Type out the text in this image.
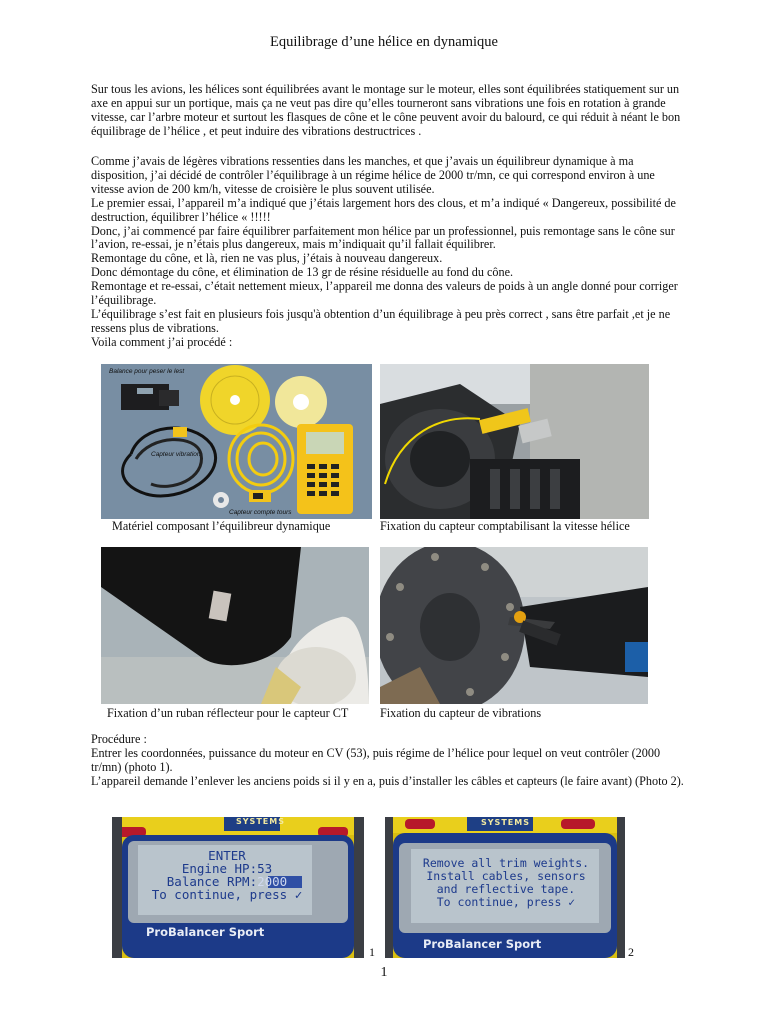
Equilibrage d’une hélice en dynamique

Sur tous les avions, les hélices sont équilibrées avant le montage sur le moteur, elles sont équilibrées statiquement sur un axe en appui sur un portique, mais ça ne veut pas dire qu’elles tourneront sans vibrations une fois en rotation à grande vitesse, car l’arbre moteur et surtout les flasques de cône et le cône peuvent avoir du balourd, ce qui réduit à néant le bon équilibrage de l’hélice , et peut induire des vibrations destructrices .

Comme j’avais de légères vibrations ressenties dans les manches, et que j’avais un équilibreur dynamique à ma disposition, j’ai décidé de contrôler l’équilibrage à un régime hélice de 2000 tr/mn, ce qui correspond environ à une vitesse avion de 200 km/h, vitesse de croisière le plus souvent utilisée.

Le premier essai, l’appareil m’a indiqué que j’étais largement hors des clous, et m’a indiqué « Dangereux, possibilité de destruction, équilibrer l’hélice « !!!!!

Donc, j’ai commencé par faire équilibrer parfaitement mon hélice par un professionnel, puis remontage sans le cône sur l’avion, re-essai, je n’étais plus dangereux, mais m’indiquait qu’il fallait équilibrer.

Remontage du cône, et là, rien ne vas plus, j’étais à nouveau dangereux.

Donc démontage du cône, et élimination de 13 gr de résine résiduelle au fond du cône.

Remontage et re-essai, c’était nettement mieux, l’appareil me donna des valeurs de poids à un angle donné pour corriger l’équilibrage.

L’équilibrage s’est fait en plusieurs fois jusqu'à obtention d’un équilibrage à peu près correct , sans être parfait ,et je ne ressens plus de vibrations.

Voila comment j’ai procédé :

Balance pour peser le lest
Capteur vibration
Capteur compte tours
Matériel composant l’équilibreur dynamique	Fixation du capteur comptabilisant la vitesse hélice
Fixation d’un ruban réflecteur pour le capteur CT	Fixation du capteur de vibrations

Procédure :

Entrer les coordonnées, puissance du moteur en CV (53), puis régime de l’hélice pour lequel on veut contrôler (2000 tr/mn) (photo 1).

L’appareil demande l’enlever les anciens poids si il y en a, puis d’installer les câbles et capteurs (le faire avant) (Photo 2).

SYSTEMS
ENTER
Engine HP:53
Balance RPM:2000
To continue, press ✓
ProBalancer Sport
1
SYSTEMS
Remove all trim weights.
Install cables, sensors
and reflective tape.
To continue, press ✓
ProBalancer Sport
2
1
